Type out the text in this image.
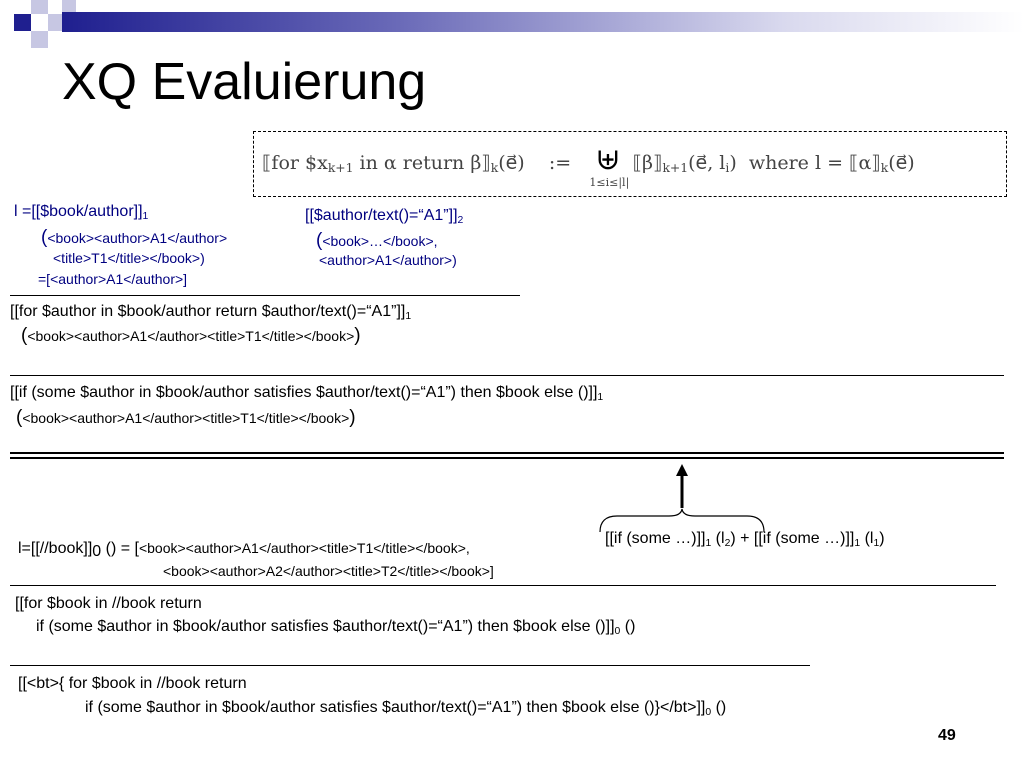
XQ Evaluierung
⟦for $\$x_{k+1}$ in α return $\beta⟧_k(e⃗)$ := ⊎
1≤i≤|l|
$⟦\beta⟧_{k+1}(e⃗$, $l_i$) where $l = ⟦\alpha⟧_k(e⃗)$
$l =[[\$book/author]]_1$
(<book><author>A1</author>
<title>T1</title></book>)
=[<author>A1</author>]
$[[\$author/text()=“A1”]]_2$
(<book>…</book>,
<author>A1</author>)
[[for $author in $book/author return $\$author/text()=“A1”]]_1$
(<book><author>A1</author><title>T1</title></book>)
[[if (some $author in $book/author satisfies $author/text()=“A1”) then $book else $()]]_1$
(<book><author>A1</author><title>T1</title></book>)
[[if (some $\dots)]]_1$ $(l_2) + [[if$ (some $\dots)]]_1$ $(l_1)$
$l=[[//book]]_0$ () = [<book><author>A1</author><title>T1</title></book>,
<book><author>A2</author><title>T2</title></book>]
[[for $book in //book return
if (some $author in $book/author satisfies $author/text()=“A1”) then $book else $()]]_0$ ()
[[<bt>{ for $book in //book return
if (some $author in $book/author satisfies $author/text()=“A1”) then $book else $()\}</bt>]]_0$ ()
49
